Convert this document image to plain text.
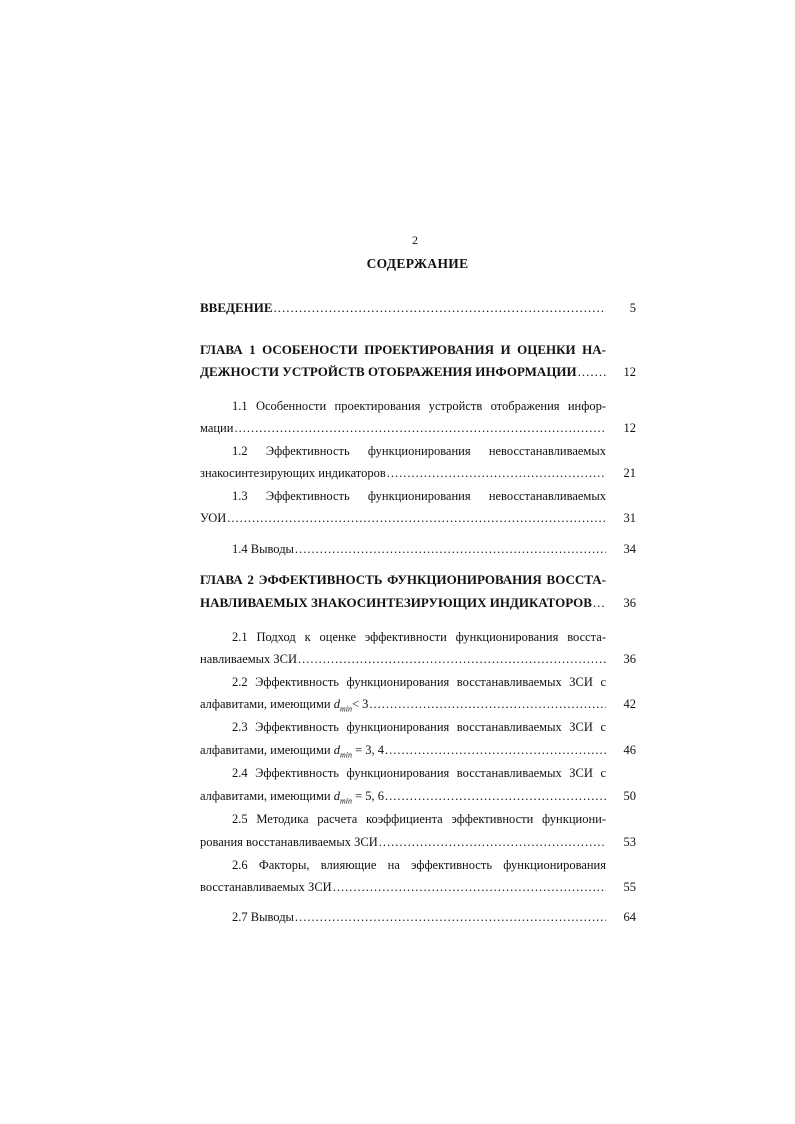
2
СОДЕРЖАНИЕ
ВВЕДЕНИЕ .....	5
ГЛАВА 1 ОСОБЕНОСТИ ПРОЕКТИРОВАНИЯ И ОЦЕНКИ НА-
ДЕЖНОСТИ УСТРОЙСТВ ОТОБРАЖЕНИЯ ИНФОРМАЦИИ .....	12
1.1 Особенности проектирования устройств отображения инфор-
мации .....	12
1.2 Эффективность функционирования невосстанавливаемых
знакосинтезирующих индикаторов .....	21
1.3 Эффективность функционирования невосстанавливаемых
УОИ .....	31
1.4 Выводы .....	34
ГЛАВА 2 ЭФФЕКТИВНОСТЬ ФУНКЦИОНИРОВАНИЯ ВОССТА-
НАВЛИВАЕМЫХ ЗНАКОСИНТЕЗИРУЮЩИХ ИНДИКАТОРОВ .....	36
2.1 Подход к оценке эффективности функционирования восста-
навливаемых ЗСИ .....	36
2.2 Эффективность функционирования восстанавливаемых ЗСИ с
алфавитами, имеющими $d_{min}< 3$ .....	42
2.3 Эффективность функционирования восстанавливаемых ЗСИ с
алфавитами, имеющими $d_{min} = 3$, 4 .....	46
2.4 Эффективность функционирования восстанавливаемых ЗСИ с
алфавитами, имеющими $d_{min} = 5$, 6 .....	50
2.5 Методика расчета коэффициента эффективности функциони-
рования восстанавливаемых ЗСИ .....	53
2.6 Факторы, влияющие на эффективность функционирования
восстанавливаемых ЗСИ .....	55
2.7 Выводы .....	64
